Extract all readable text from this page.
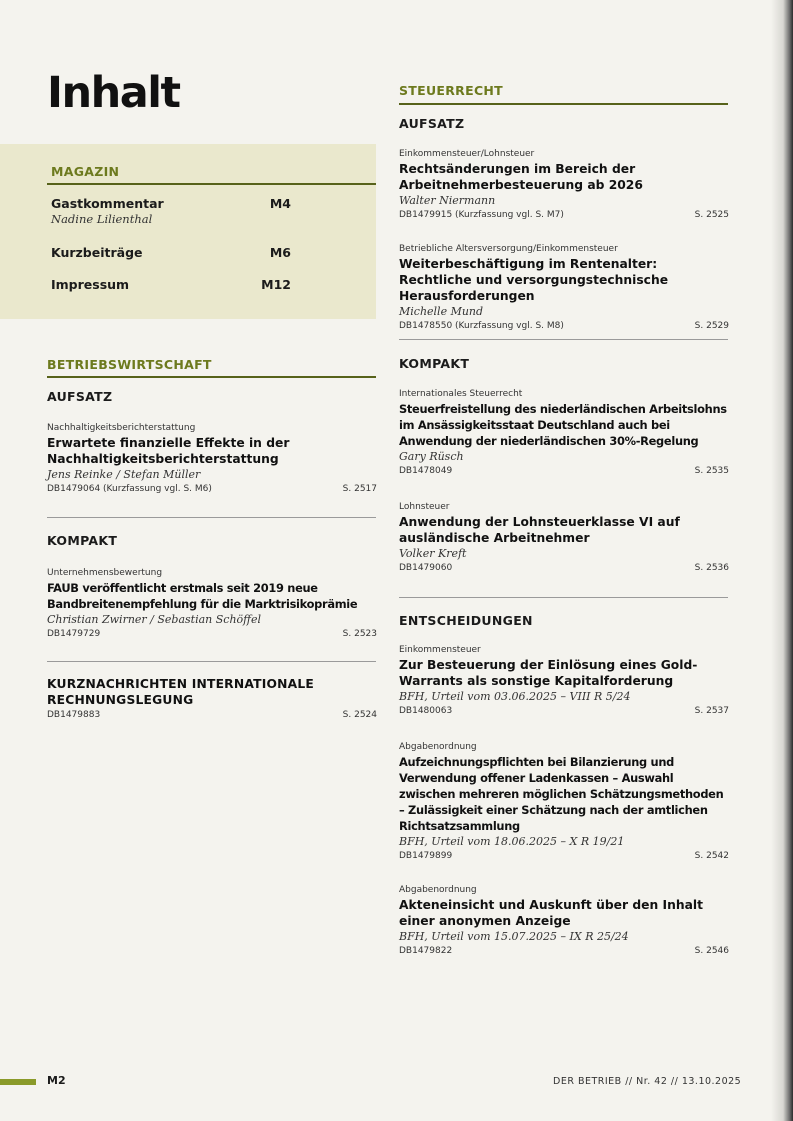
Inhalt
MAGAZIN
Gastkommentar	M4
Nadine Lilienthal
Kurzbeiträge	M6
Impressum	M12
BETRIEBSWIRTSCHAFT
AUFSATZ
Nachhaltigkeitsberichterstattung
Erwartete finanzielle Effekte in der Nachhaltigkeitsberichterstattung
Jens Reinke / Stefan Müller
DB1479064 (Kurzfassung vgl. S. M6)	S. 2517
KOMPAKT
Unternehmensbewertung
FAUB veröffentlicht erstmals seit 2019 neue Bandbreitenempfehlung für die Marktrisikoprämie
Christian Zwirner / Sebastian Schöffel
DB1479729	S. 2523
KURZNACHRICHTEN INTERNATIONALE RECHNUNGSLEGUNG
DB1479883	S. 2524
STEUERRECHT
AUFSATZ
Einkommensteuer/Lohnsteuer
Rechtsänderungen im Bereich der Arbeitnehmerbesteuerung ab 2026
Walter Niermann
DB1479915 (Kurzfassung vgl. S. M7)	S. 2525
Betriebliche Altersversorgung/Einkommensteuer
Weiterbeschäftigung im Rentenalter: Rechtliche und versorgungstechnische Herausforderungen
Michelle Mund
DB1478550 (Kurzfassung vgl. S. M8)	S. 2529
KOMPAKT
Internationales Steuerrecht
Steuerfreistellung des niederländischen Arbeitslohns im Ansässigkeitsstaat Deutschland auch bei Anwendung der niederländischen 30%-Regelung
Gary Rüsch
DB1478049	S. 2535
Lohnsteuer
Anwendung der Lohnsteuerklasse VI auf ausländische Arbeitnehmer
Volker Kreft
DB1479060	S. 2536
ENTSCHEIDUNGEN
Einkommensteuer
Zur Besteuerung der Einlösung eines Gold-Warrants als sonstige Kapitalforderung
BFH, Urteil vom 03.06.2025 – VIII R 5/24
DB1480063	S. 2537
Abgabenordnung
Aufzeichnungspflichten bei Bilanzierung und Verwendung offener Ladenkassen – Auswahl zwischen mehreren möglichen Schätzungsmethoden – Zulässigkeit einer Schätzung nach der amtlichen Richtsatzsammlung
BFH, Urteil vom 18.06.2025 – X R 19/21
DB1479899	S. 2542
Abgabenordnung
Akteneinsicht und Auskunft über den Inhalt einer anonymen Anzeige
BFH, Urteil vom 15.07.2025 – IX R 25/24
DB1479822	S. 2546
M2	DER BETRIEB // Nr. 42 // 13.10.2025
